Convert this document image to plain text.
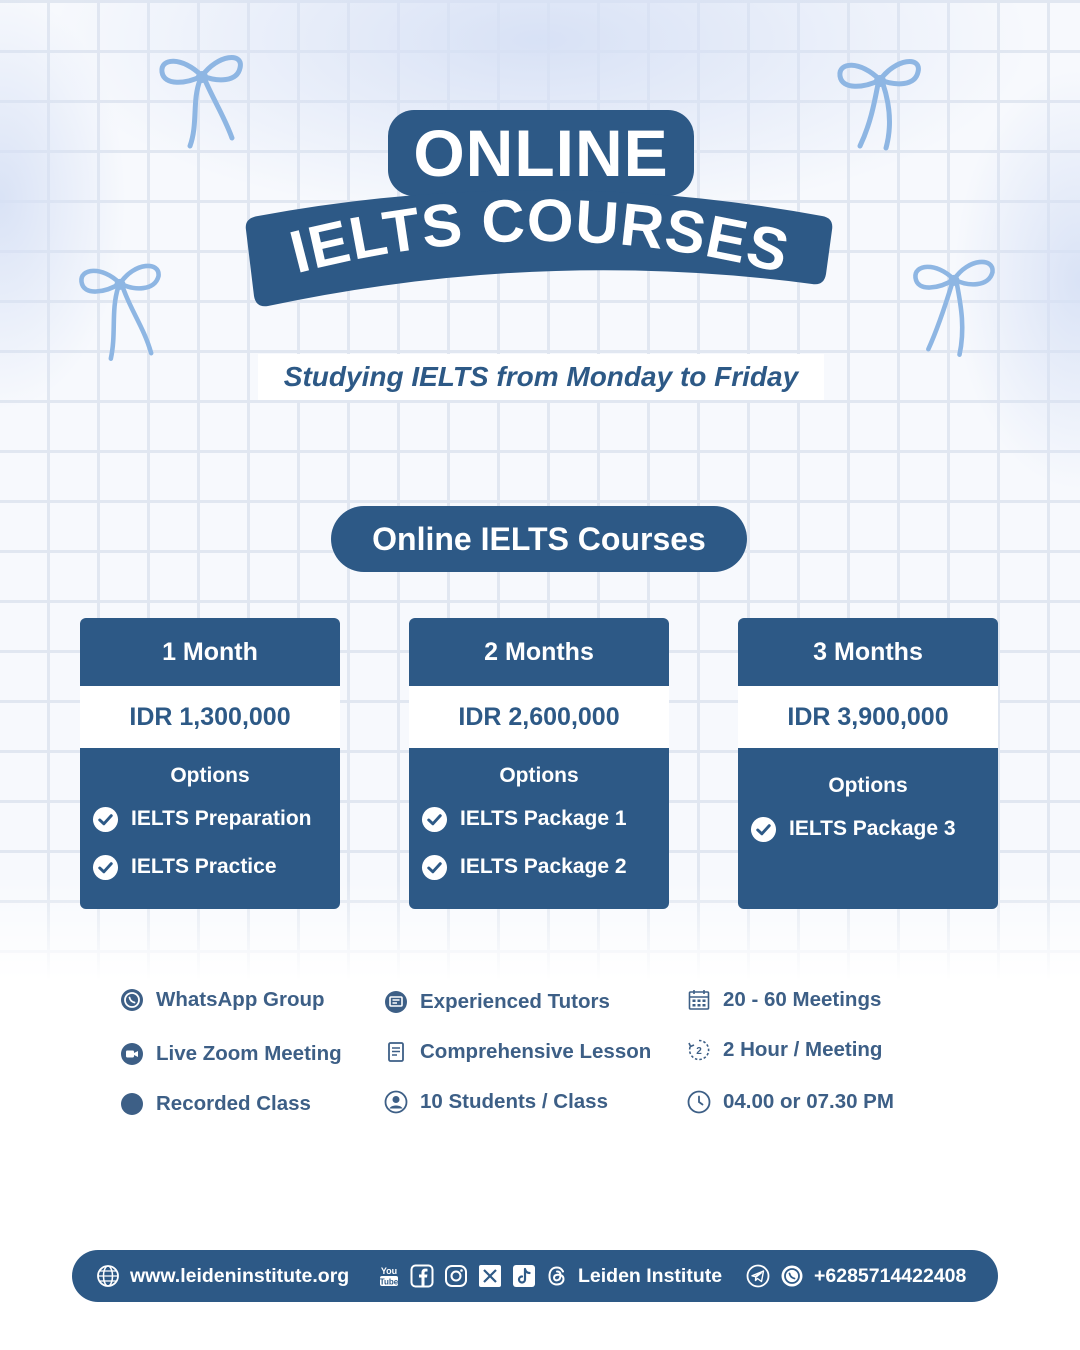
ONLINE
IELTS COURSES
Studying IELTS from Monday to Friday
Online IELTS Courses
1 Month
IDR 1,300,000
Options
IELTS Preparation
IELTS Practice
2 Months
IDR 2,600,000
Options
IELTS Package 1
IELTS Package 2
3 Months
IDR 3,900,000
Options
IELTS Package 3
WhatsApp Group
Live Zoom Meeting
Recorded Class
Experienced Tutors
Comprehensive Lesson
10 Students / Class
20 - 60 Meetings
2 2 Hour / Meeting
04.00 or 07.30 PM
www.leideninstitute.org	You
Tube	Leiden Institute	+6285714422408
